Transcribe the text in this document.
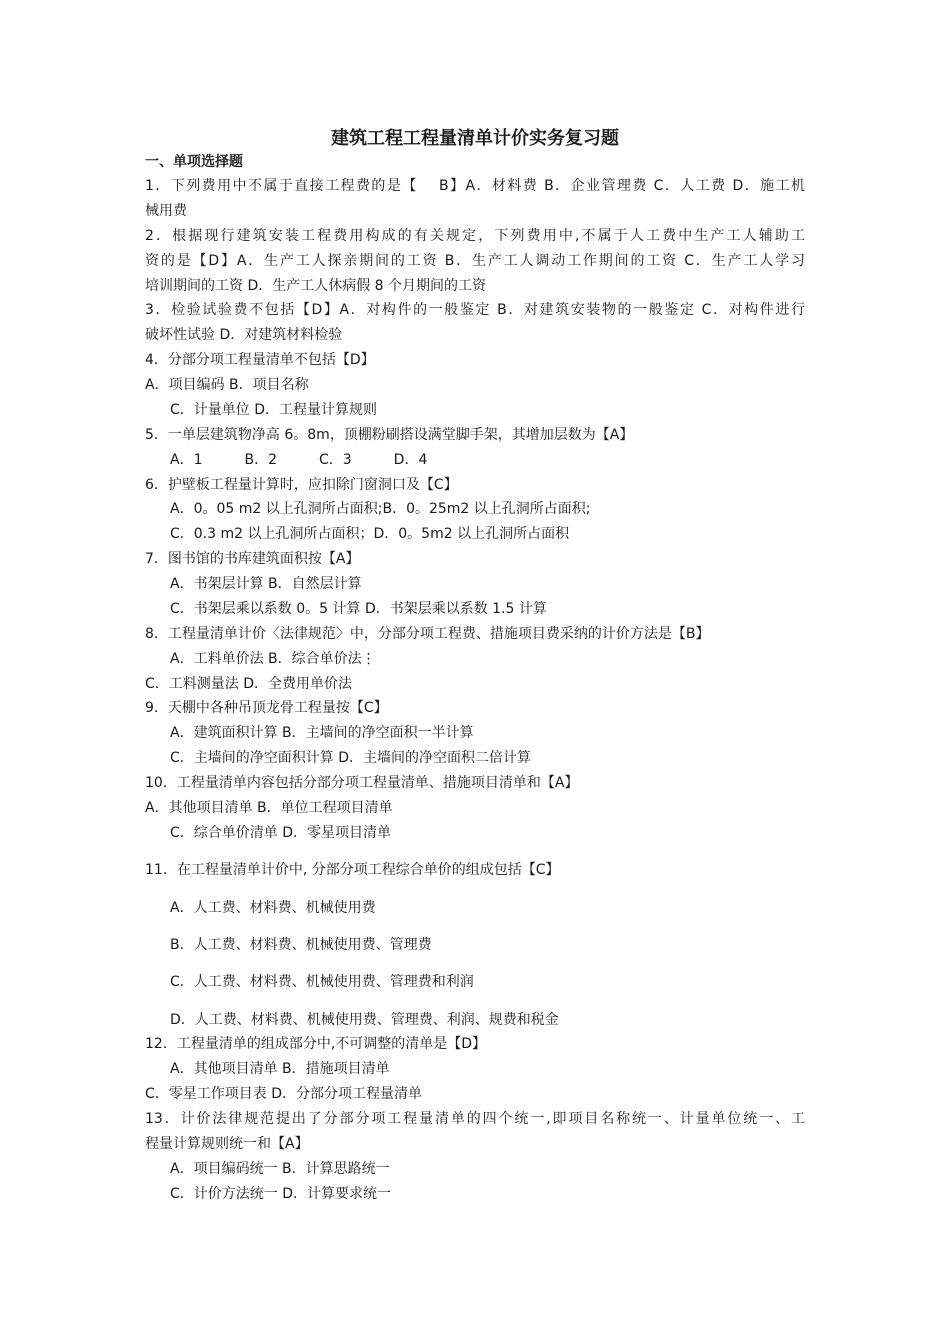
建筑工程工程量清单计价实务复习题
一、单项选择题
1．下列费用中不属于直接工程费的是【　 B】A．材料费 B．企业管理费 C．人工费 D．施工机
械用费
2．根据现行建筑安装工程费用构成的有关规定，下列费用中,不属于人工费中生产工人辅助工
资的是【D】A．生产工人探亲期间的工资 B．生产工人调动工作期间的工资 C．生产工人学习
培训期间的工资 D．生产工人休病假 8 个月期间的工资
3．检验试验费不包括【D】A．对构件的一般鉴定 B．对建筑安装物的一般鉴定 C．对构件进行
破坏性试验 D．对建筑材料检验
4．分部分项工程量清单不包括【D】
A．项目编码 B．项目名称
C．计量单位 D．工程量计算规则
5．一单层建筑物净高 6。8m，顶棚粉刷搭设满堂脚手架，其增加层数为【A】
A．1　　　B．2　　　C．3　　　D．4
6．护壁板工程量计算时，应扣除门窗洞口及【C】
A．0。05 m2 以上孔洞所占面积;B．0。25m2 以上孔洞所占面积;
C．0.3 m2 以上孔洞所占面积；D．0。5m2 以上孔洞所占面积
7．图书馆的书库建筑面积按【A】
A．书架层计算 B．自然层计算
C．书架层乘以系数 0。5 计算 D．书架层乘以系数 1.5 计算
8．工程量清单计价〈法律规范〉中，分部分项工程费、措施项目费采纳的计价方法是【B】
A．工料单价法 B．综合单价法⋮
C．工料测量法 D．全费用单价法
9．天棚中各种吊顶龙骨工程量按【C】
A．建筑面积计算 B．主墙间的净空面积一半计算
C．主墙间的净空面积计算 D．主墙间的净空面积二倍计算
10．工程量清单内容包括分部分项工程量清单、措施项目清单和【A】
A．其他项目清单 B．单位工程项目清单
C．综合单价清单 D．零星项目清单
11．在工程量清单计价中, 分部分项工程综合单价的组成包括【C】
A．人工费、材料费、机械使用费
B．人工费、材料费、机械使用费、管理费
C．人工费、材料费、机械使用费、管理费和利润
D．人工费、材料费、机械使用费、管理费、利润、规费和税金
12．工程量清单的组成部分中,不可调整的清单是【D】
A．其他项目清单 B．措施项目清单
C．零星工作项目表 D．分部分项工程量清单
13．计价法律规范提出了分部分项工程量清单的四个统一,即项目名称统一、计量单位统一、工
程量计算规则统一和【A】
A．项目编码统一 B．计算思路统一
C．计价方法统一 D．计算要求统一
